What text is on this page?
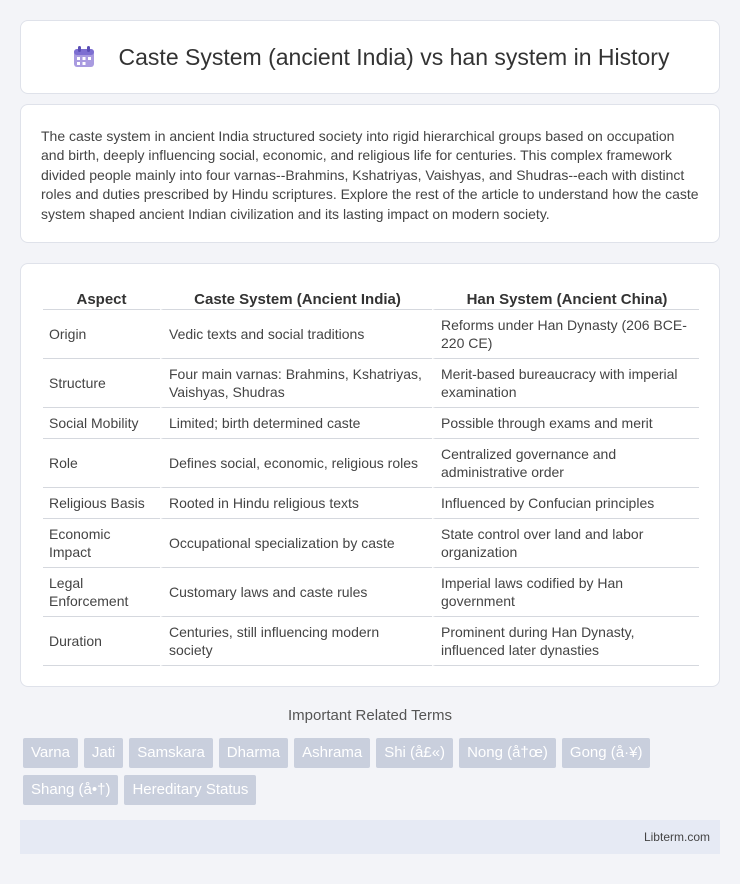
Caste System (ancient India) vs han system in History

The caste system in ancient India structured society into rigid hierarchical groups based on occupation and birth, deeply influencing social, economic, and religious life for centuries. This complex framework divided people mainly into four varnas--Brahmins, Kshatriyas, Vaishyas, and Shudras--each with distinct roles and duties prescribed by Hindu scriptures. Explore the rest of the article to understand how the caste system shaped ancient Indian civilization and its lasting impact on modern society.

Aspect	Caste System (Ancient India)	Han System (Ancient China)
Origin	Vedic texts and social traditions	Reforms under Han Dynasty (206 BCE-220 CE)
Structure	Four main varnas: Brahmins, Kshatriyas, Vaishyas, Shudras	Merit-based bureaucracy with imperial examination
Social Mobility	Limited; birth determined caste	Possible through exams and merit
Role	Defines social, economic, religious roles	Centralized governance and administrative order
Religious Basis	Rooted in Hindu religious texts	Influenced by Confucian principles
Economic Impact	Occupational specialization by caste	State control over land and labor organization
Legal Enforcement	Customary laws and caste rules	Imperial laws codified by Han government
Duration	Centuries, still influencing modern society	Prominent during Han Dynasty, influenced later dynasties
Important Related Terms
Varna	Jati	Samskara	Dharma	Ashrama	Shi (å£«)	Nong (å†œ)	Gong (å·¥)
Shang (å•†)	Hereditary Status
Libterm.com
